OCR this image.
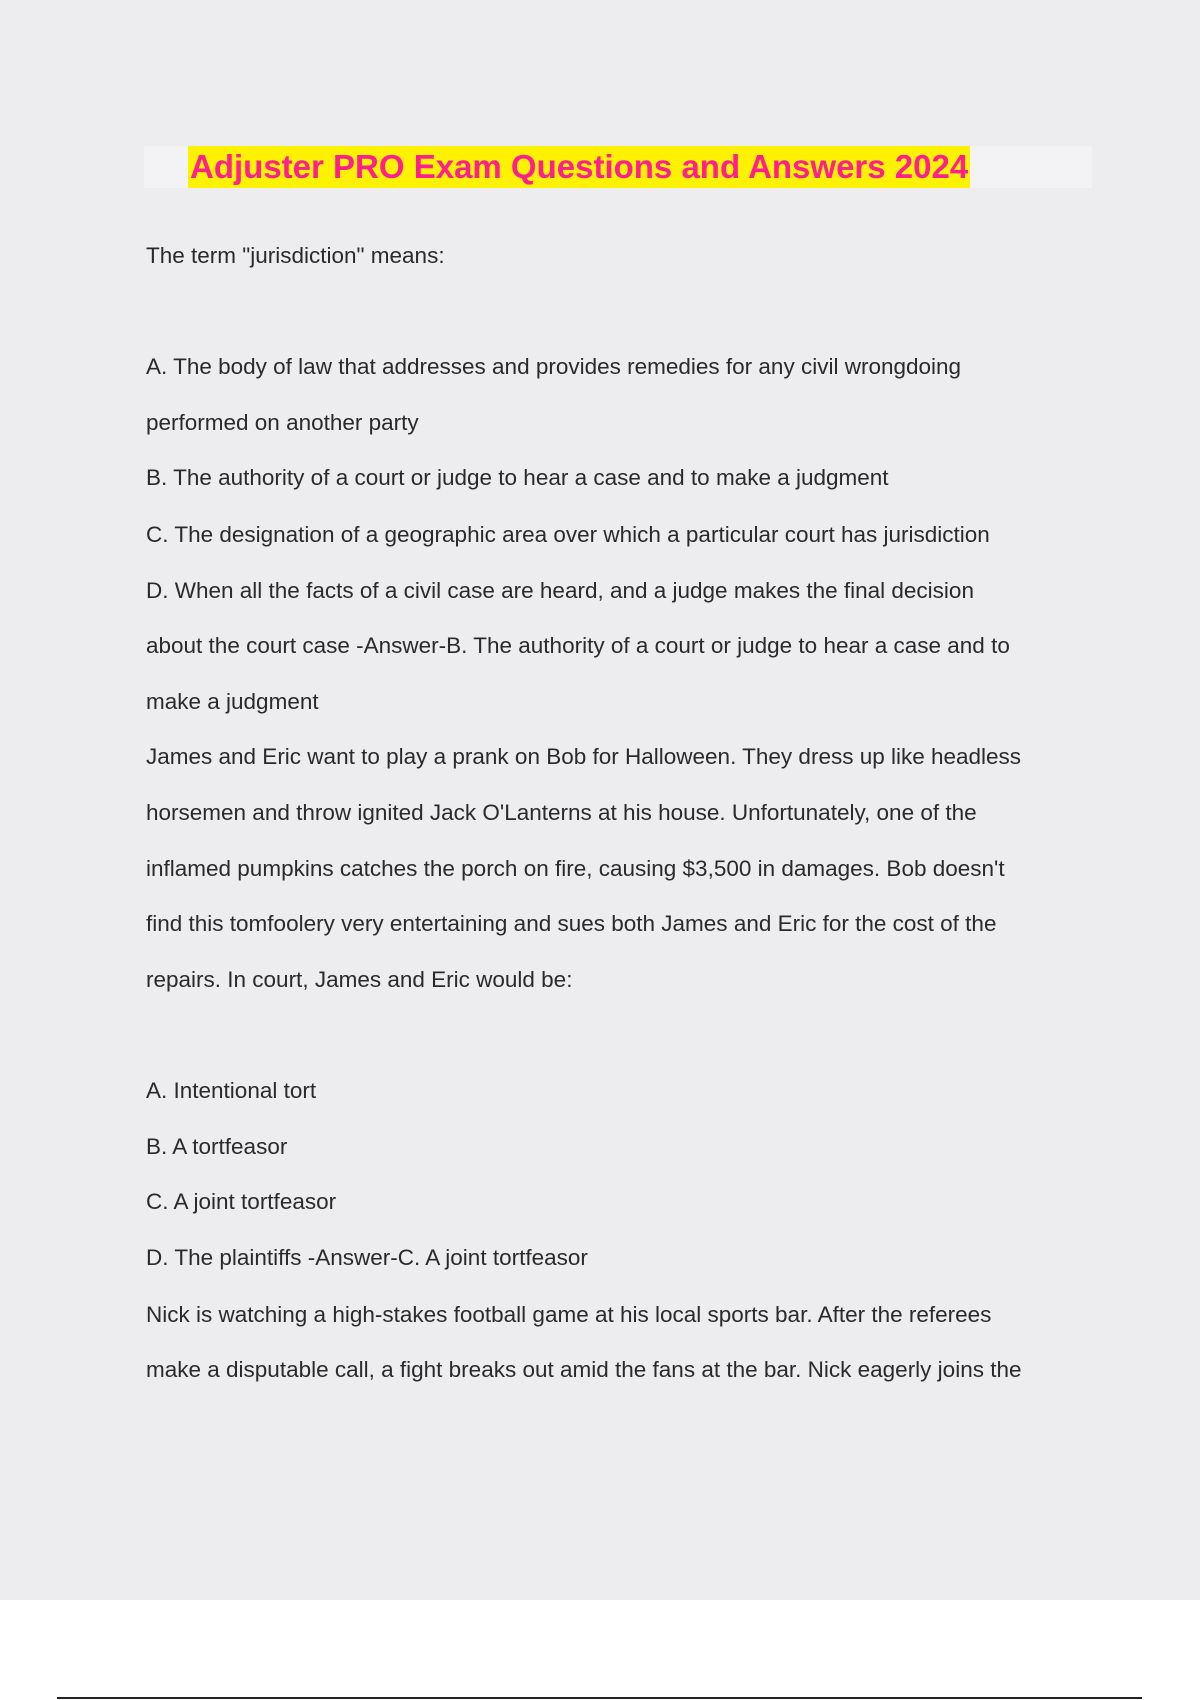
Adjuster PRO Exam Questions and Answers 2024

The term "jurisdiction" means:

A. The body of law that addresses and provides remedies for any civil wrongdoing

performed on another party

B. The authority of a court or judge to hear a case and to make a judgment

C. The designation of a geographic area over which a particular court has jurisdiction

D. When all the facts of a civil case are heard, and a judge makes the final decision

about the court case -Answer-B. The authority of a court or judge to hear a case and to

make a judgment

James and Eric want to play a prank on Bob for Halloween. They dress up like headless

horsemen and throw ignited Jack O'Lanterns at his house. Unfortunately, one of the

inflamed pumpkins catches the porch on fire, causing $3,500 in damages. Bob doesn't

find this tomfoolery very entertaining and sues both James and Eric for the cost of the

repairs. In court, James and Eric would be:

A. Intentional tort

B. A tortfeasor

C. A joint tortfeasor

D. The plaintiffs -Answer-C. A joint tortfeasor

Nick is watching a high-stakes football game at his local sports bar. After the referees

make a disputable call, a fight breaks out amid the fans at the bar. Nick eagerly joins the
